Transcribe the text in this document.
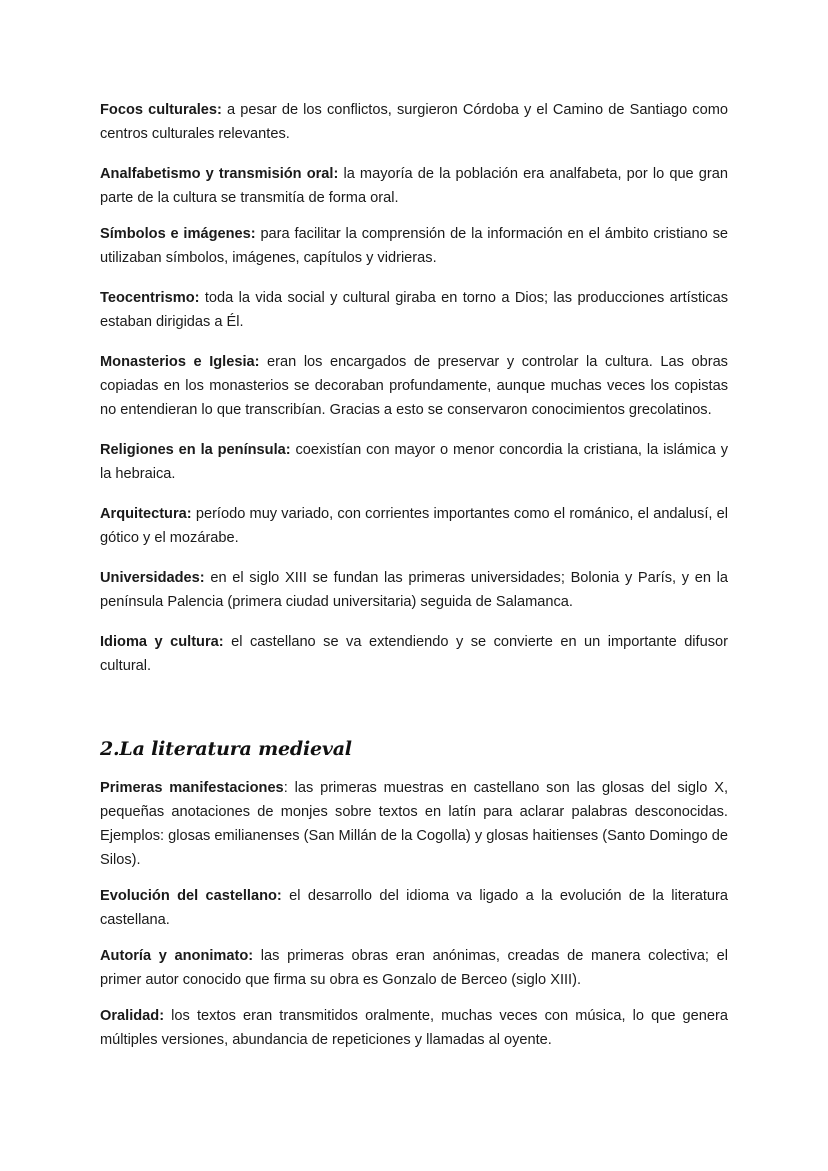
Focos culturales: a pesar de los conflictos, surgieron Córdoba y el Camino de Santiago como centros culturales relevantes.

Analfabetismo y transmisión oral: la mayoría de la población era analfabeta, por lo que gran parte de la cultura se transmitía de forma oral.

Símbolos e imágenes: para facilitar la comprensión de la información en el ámbito cristiano se utilizaban símbolos, imágenes, capítulos y vidrieras.

Teocentrismo: toda la vida social y cultural giraba en torno a Dios; las producciones artísticas estaban dirigidas a Él.

Monasterios e Iglesia: eran los encargados de preservar y controlar la cultura. Las obras copiadas en los monasterios se decoraban profundamente, aunque muchas veces los copistas no entendieran lo que transcribían. Gracias a esto se conservaron conocimientos grecolatinos.

Religiones en la península: coexistían con mayor o menor concordia la cristiana, la islámica y la hebraica.

Arquitectura: período muy variado, con corrientes importantes como el románico, el andalusí, el gótico y el mozárabe.

Universidades: en el siglo XIII se fundan las primeras universidades; Bolonia y París, y en la península Palencia (primera ciudad universitaria) seguida de Salamanca.

Idioma y cultura: el castellano se va extendiendo y se convierte en un importante difusor cultural.

2.La literatura medieval

Primeras manifestaciones: las primeras muestras en castellano son las glosas del siglo X, pequeñas anotaciones de monjes sobre textos en latín para aclarar palabras desconocidas. Ejemplos: glosas emilianenses (San Millán de la Cogolla) y glosas haitienses (Santo Domingo de Silos).

Evolución del castellano: el desarrollo del idioma va ligado a la evolución de la literatura castellana.

Autoría y anonimato: las primeras obras eran anónimas, creadas de manera colectiva; el primer autor conocido que firma su obra es Gonzalo de Berceo (siglo XIII).

Oralidad: los textos eran transmitidos oralmente, muchas veces con música, lo que genera múltiples versiones, abundancia de repeticiones y llamadas al oyente.
